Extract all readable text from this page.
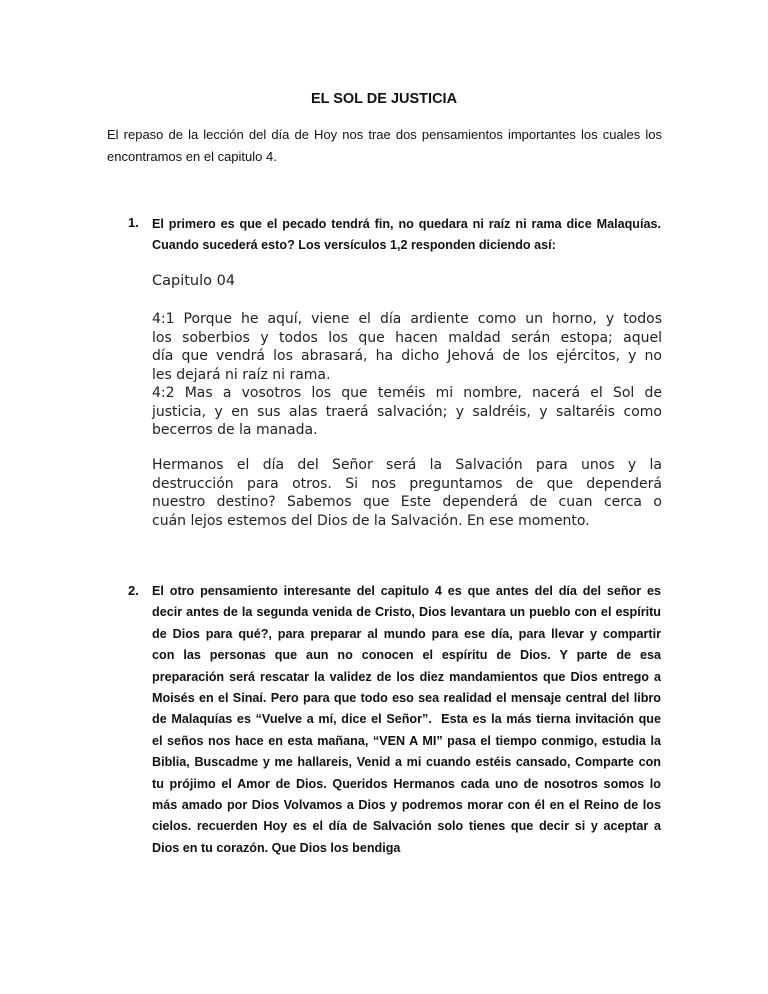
EL SOL DE JUSTICIA
El repaso de la lección del día de Hoy nos trae dos pensamientos importantes los cuales los encontramos en el capitulo 4.
1. El primero es que el pecado tendrá fin, no quedara ni raíz ni rama dice Malaquías.
Cuando sucederá esto? Los versículos 1,2 responden diciendo así:
Capitulo 04
4:1 Porque he aquí, viene el día ardiente como un horno, y todos
los soberbios y todos los que hacen maldad serán estopa; aquel
día que vendrá los abrasará, ha dicho Jehová de los ejércitos, y no
les dejará ni raíz ni rama.
4:2 Mas a vosotros los que teméis mi nombre, nacerá el Sol de
justicia, y en sus alas traerá salvación; y saldréis, y saltaréis como
becerros de la manada.
Hermanos el día del Señor será la Salvación para unos y la
destrucción para otros. Si nos preguntamos de que dependerá
nuestro destino? Sabemos que Este dependerá de cuan cerca o
cuán lejos estemos del Dios de la Salvación. En ese momento.
2. El otro pensamiento interesante del capitulo 4 es que antes del día del señor es
decir antes de la segunda venida de Cristo, Dios levantara un pueblo con el espíritu
de Dios para qué?, para preparar al mundo para ese día, para llevar y compartir
con las personas que aun no conocen el espíritu de Dios. Y parte de esa
preparación será rescatar la validez de los diez mandamientos que Dios entrego a
Moisés en el Sinaí. Pero para que todo eso sea realidad el mensaje central del libro
de Malaquías es “Vuelve a mí, dice el Señor”.  Esta es la más tierna invitación que
el seños nos hace en esta mañana, “VEN A MI” pasa el tiempo conmigo, estudia la
Biblia, Buscadme y me hallareis, Venid a mi cuando estéis cansado, Comparte con
tu prójimo el Amor de Dios. Queridos Hermanos cada uno de nosotros somos lo
más amado por Dios Volvamos a Dios y podremos morar con él en el Reino de los
cielos. recuerden Hoy es el día de Salvación solo tienes que decir si y aceptar a
Dios en tu corazón. Que Dios los bendiga
